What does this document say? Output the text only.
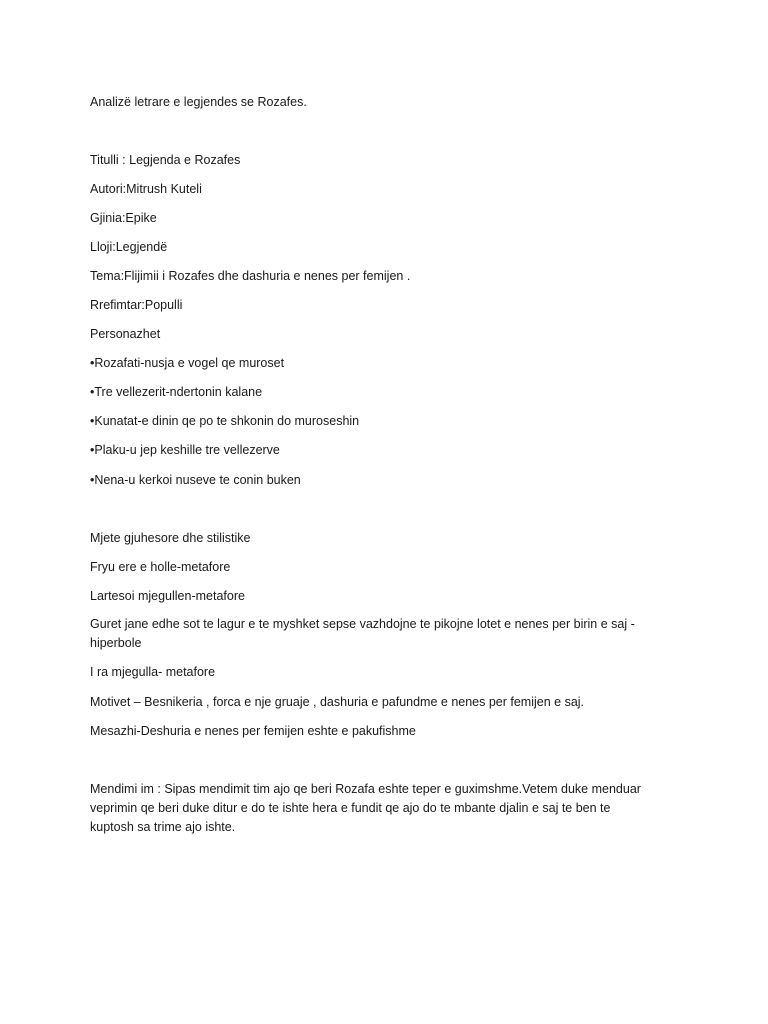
Analizë letrare e legjendes se Rozafes.
Titulli : Legjenda e Rozafes
Autori:Mitrush Kuteli
Gjinia:Epike
Lloji:Legjendë
Tema:Flijimii i Rozafes dhe dashuria e nenes per femijen .
Rrefimtar:Populli
Personazhet
•Rozafati-nusja e vogel qe muroset
•Tre vellezerit-ndertonin kalane
•Kunatat-e dinin qe po te shkonin do muroseshin
•Plaku-u jep keshille tre vellezerve
•Nena-u kerkoi nuseve te conin buken
Mjete gjuhesore dhe stilistike
Fryu ere e holle-metafore
Lartesoi mjegullen-metafore
Guret jane edhe sot te lagur e te myshket sepse vazhdojne te pikojne lotet e nenes per birin e saj -hiperbole
I ra mjegulla- metafore
Motivet – Besnikeria , forca e nje gruaje , dashuria e pafundme e nenes per femijen e saj.
Mesazhi-Deshuria e nenes per femijen eshte e pakufishme
Mendimi im : Sipas mendimit tim ajo qe beri Rozafa eshte teper e guximshme.Vetem duke menduar veprimin qe beri duke ditur e do te ishte hera e fundit qe ajo do te mbante djalin e saj te ben te kuptosh sa trime ajo ishte.
